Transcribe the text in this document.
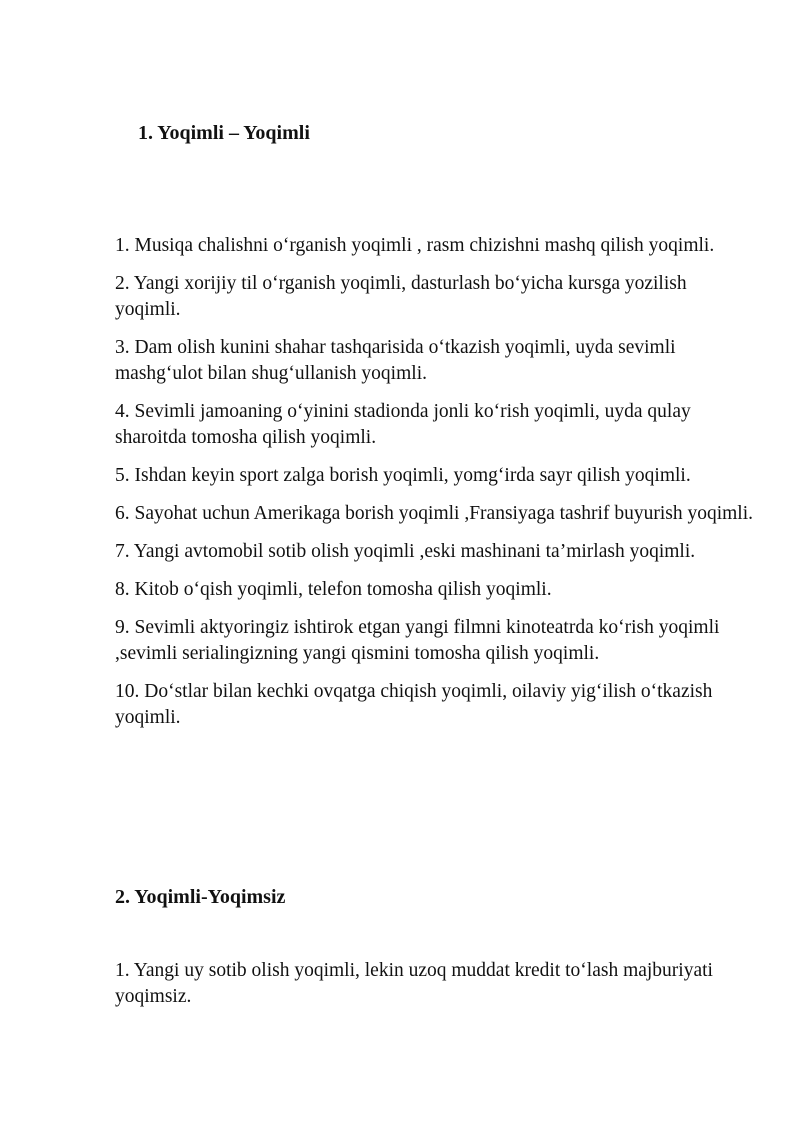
1. Yoqimli – Yoqimli
1. Musiqa chalishni o‘rganish yoqimli , rasm chizishni mashq qilish yoqimli.
2. Yangi xorijiy til o‘rganish yoqimli, dasturlash bo‘yicha kursga yozilish yoqimli.
3. Dam olish kunini shahar tashqarisida o‘tkazish yoqimli, uyda sevimli mashg‘ulot bilan shug‘ullanish yoqimli.
4. Sevimli jamoaning o‘yinini stadionda jonli ko‘rish yoqimli, uyda qulay sharoitda tomosha qilish yoqimli.
5. Ishdan keyin sport zalga borish yoqimli, yomg‘irda sayr qilish yoqimli.
6. Sayohat uchun Amerikaga borish yoqimli ,Fransiyaga tashrif buyurish yoqimli.
7. Yangi avtomobil sotib olish yoqimli ,eski mashinani ta’mirlash yoqimli.
8. Kitob o‘qish yoqimli, telefon tomosha qilish yoqimli.
9. Sevimli aktyoringiz ishtirok etgan yangi filmni kinoteatrda ko‘rish yoqimli ,sevimli serialingizning yangi qismini tomosha qilish yoqimli.
10. Do‘stlar bilan kechki ovqatga chiqish yoqimli, oilaviy yig‘ilish o‘tkazish yoqimli.
2. Yoqimli-Yoqimsiz
1. Yangi uy sotib olish yoqimli, lekin uzoq muddat kredit to‘lash majburiyati yoqimsiz.
